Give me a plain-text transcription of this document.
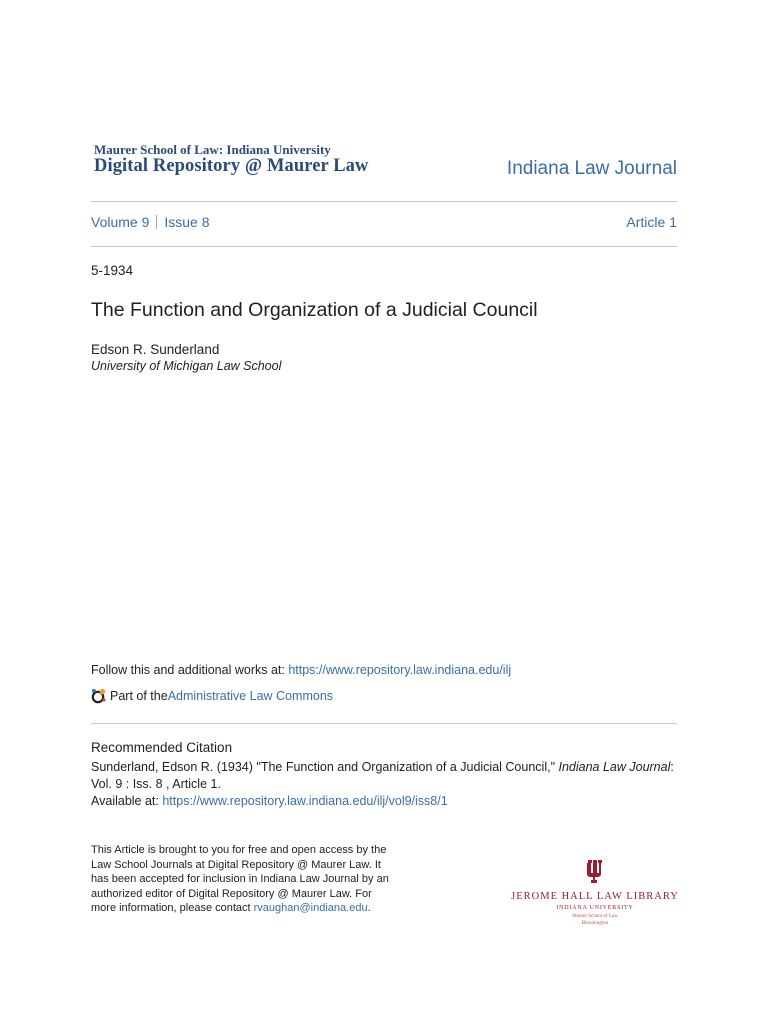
Maurer School of Law: Indiana University
Digital Repository @ Maurer Law	Indiana Law Journal
Volume 9 Issue 8	Article 1
5-1934
The Function and Organization of a Judicial Council
Edson R. Sunderland
University of Michigan Law School
Follow this and additional works at: https://www.repository.law.indiana.edu/ilj
Part of the Administrative Law Commons
Recommended Citation
Sunderland, Edson R. (1934) "The Function and Organization of a Judicial Council," Indiana Law Journal:
Vol. 9 : Iss. 8 , Article 1.
Available at: https://www.repository.law.indiana.edu/ilj/vol9/iss8/1
This Article is brought to you for free and open access by the Law School Journals at Digital Repository @ Maurer Law. It has been accepted for inclusion in Indiana Law Journal by an authorized editor of Digital Repository @ Maurer Law. For more information, please contact rvaughan@indiana.edu.
JEROME HALL LAW LIBRARY
INDIANA UNIVERSITY
Maurer School of Law
Bloomington
